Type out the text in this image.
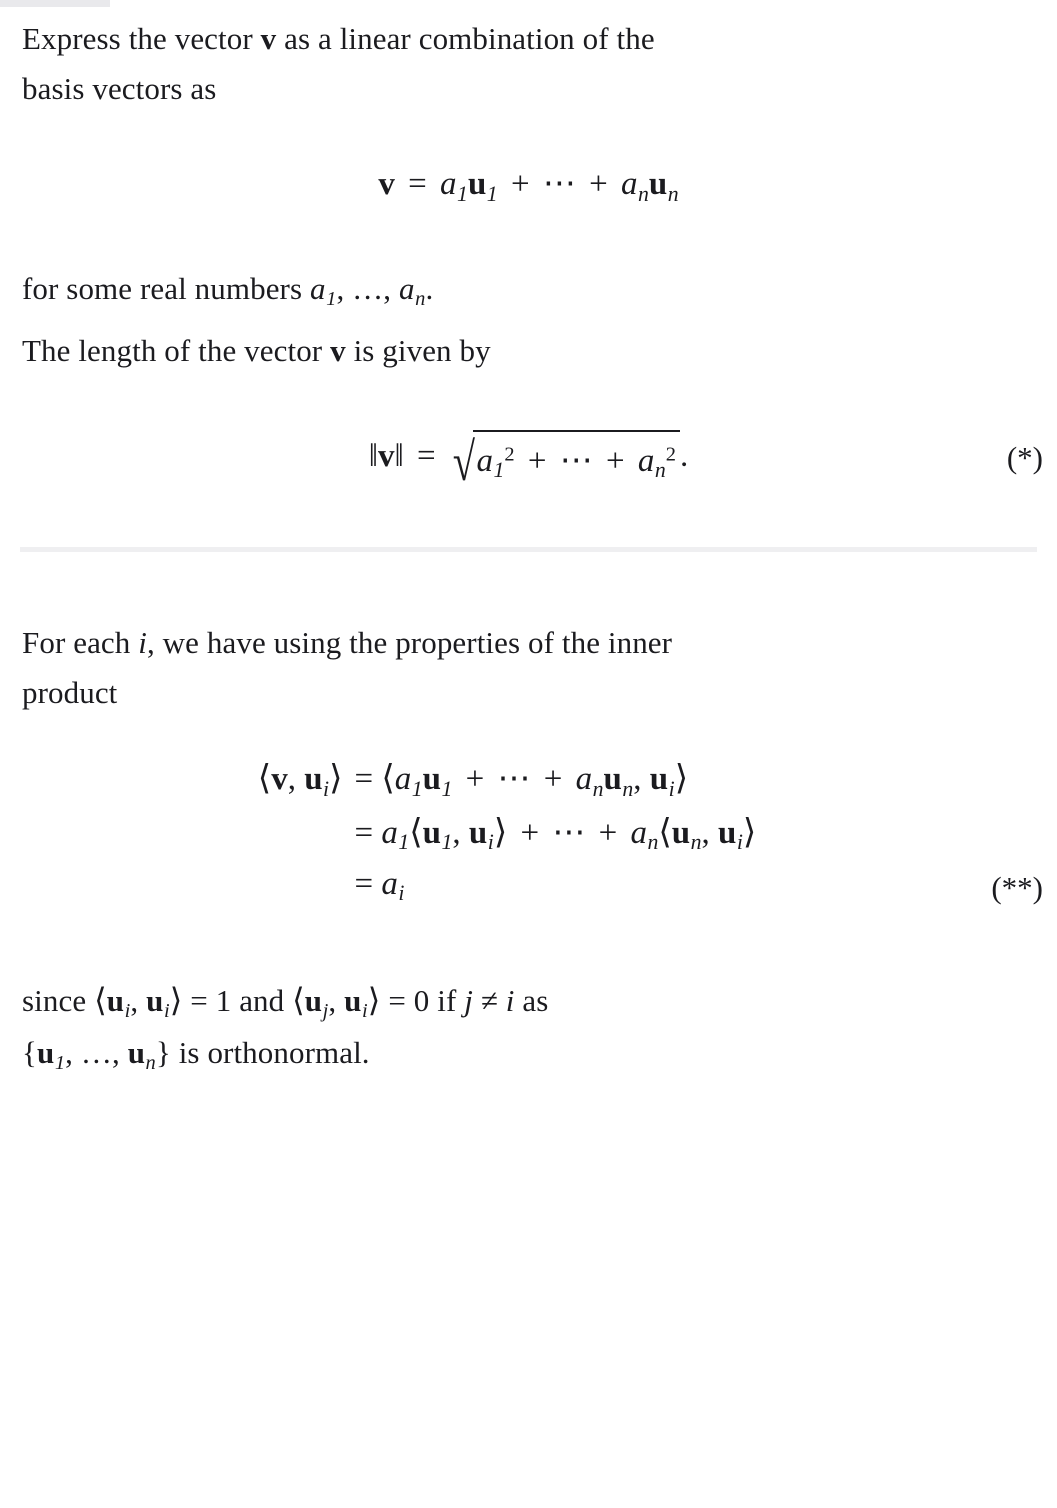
Express the vector v as a linear combination of the
basis vectors as

$v = a_1u_1$ + ⋯ + $a_nu_n$

for some real numbers $a_1$, …, $a_n$.

The length of the vector v is given by

‖v‖ = $√a_1^2$ + ⋯ + $a_n^2$ .	(*)

For each i, we have using the properties of the inner
product

⟨v, $u_i⟩$ = $⟨a_1u_1$ + ⋯ + $a_nu_n$, $u_i⟩$
= $a_1⟨u_1$, $u_i⟩$ + ⋯ + $a_n⟨u_n$, $u_i⟩$
= $a_i$	(**)

since $⟨u_i$, $u_i⟩ = 1$ and $⟨u_j$, $u_i⟩ = 0$ if j ≠ i as
{$u_1$, …, $u_n$} is orthonormal.
